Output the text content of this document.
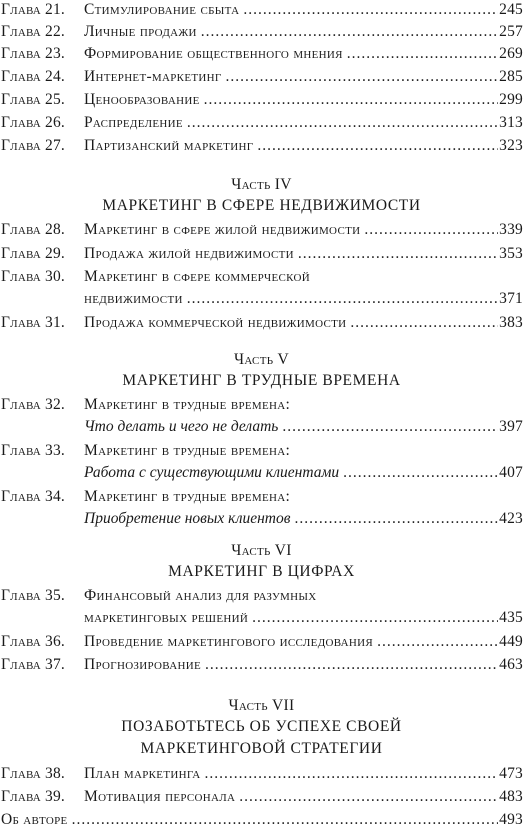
Глава 21. Стимулирование сбыта .....	245
Глава 22. Личные продажи .....	257
Глава 23. Формирование общественного мнения .....	269
Глава 24. Интернет-маркетинг .....	285
Глава 25. Ценообразование .....	299
Глава 26. Распределение .....	313
Глава 27. Партизанский маркетинг .....	323
Часть IV
МАРКЕТИНГ В СФЕРЕ НЕДВИЖИМОСТИ
Глава 28. Маркетинг в сфере жилой недвижимости .....	339
Глава 29. Продажа жилой недвижимости .....	353
Глава 30. Маркетинг в сфере коммерческой
недвижимости .....	371
Глава 31. Продажа коммерческой недвижимости .....	383
Часть V
МАРКЕТИНГ В ТРУДНЫЕ ВРЕМЕНА
Глава 32. Маркетинг в трудные времена:
Что делать и чего не делать .....	397
Глава 33. Маркетинг в трудные времена:
Работа с существующими клиентами .....	407
Глава 34. Маркетинг в трудные времена:
Приобретение новых клиентов .....	423
Часть VI
МАРКЕТИНГ В ЦИФРАХ
Глава 35. Финансовый анализ для разумных
маркетинговых решений .....	435
Глава 36. Проведение маркетингового исследования .....	449
Глава 37. Прогнозирование .....	463
Часть VII
ПОЗАБОТЬТЕСЬ ОБ УСПЕХЕ СВОЕЙ
МАРКЕТИНГОВОЙ СТРАТЕГИИ
Глава 38. План маркетинга .....	473
Глава 39. Мотивация персонала .....	483
Об авторе .....	493
